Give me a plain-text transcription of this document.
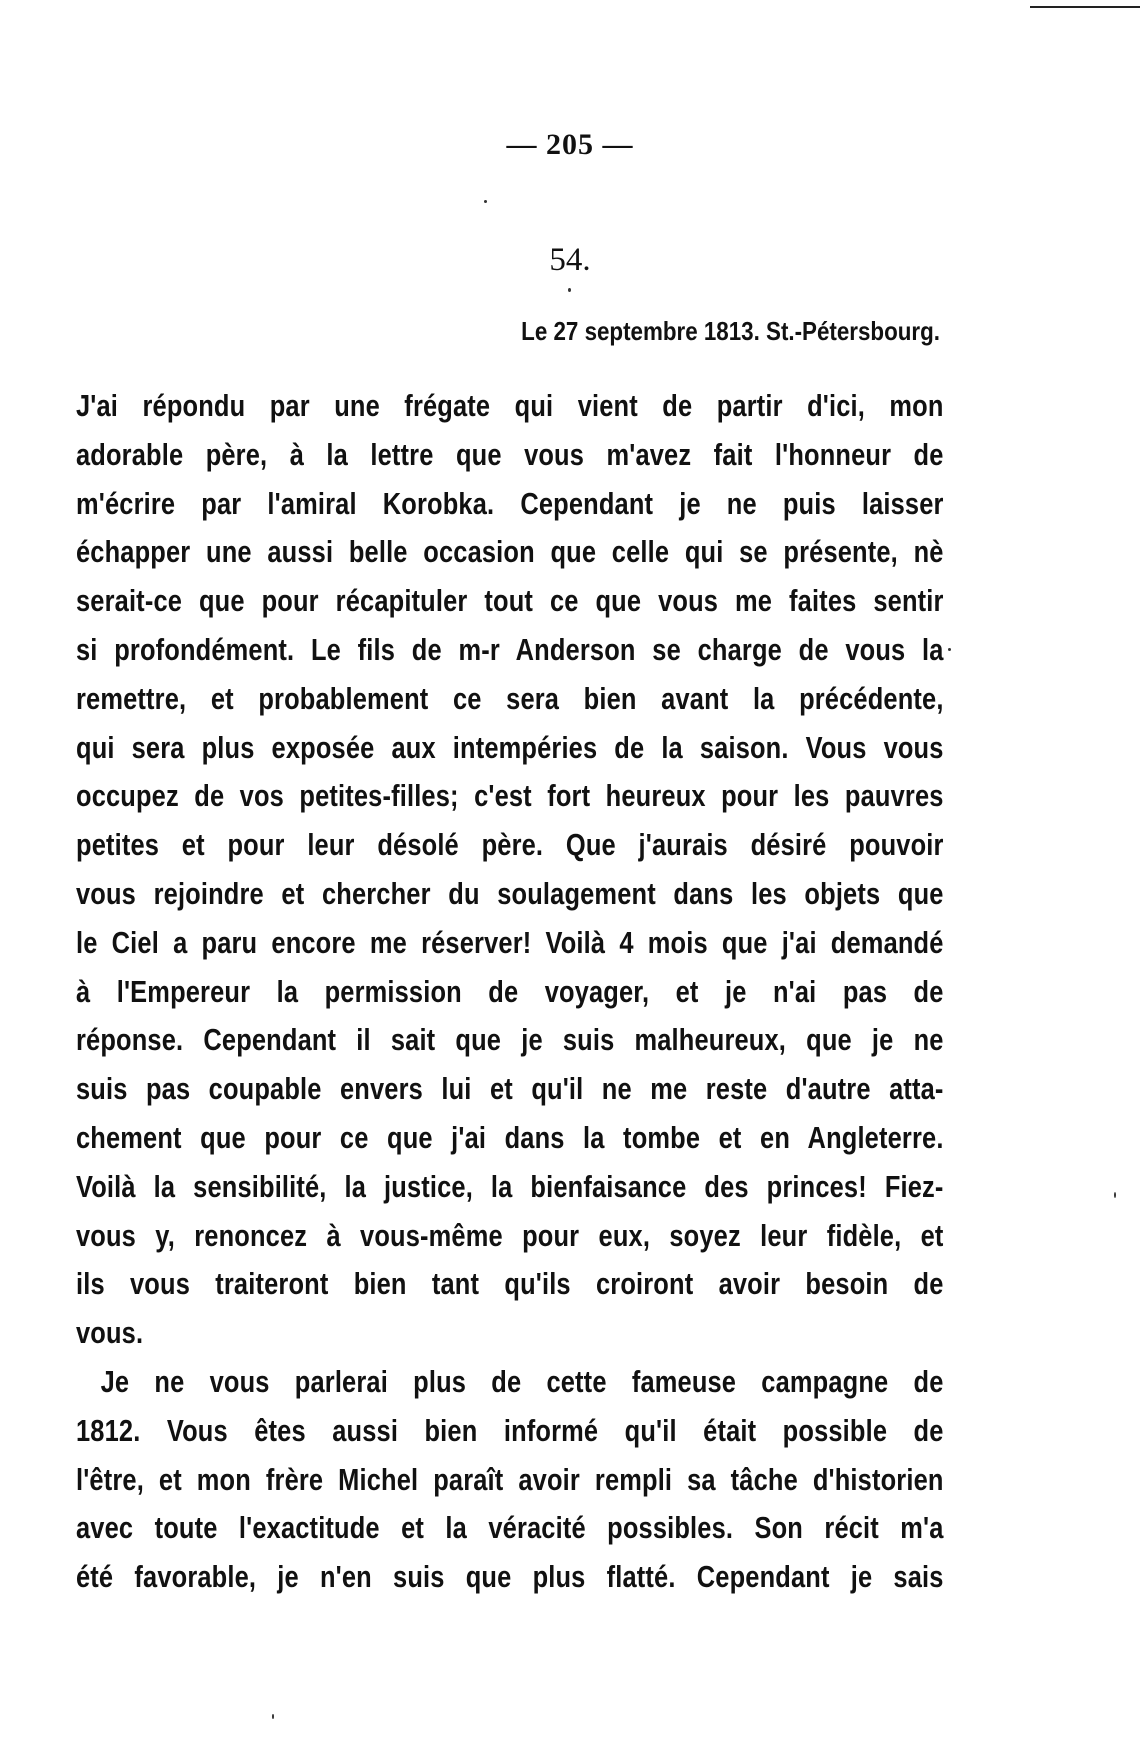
— 205 —
54.
Le 27 septembre 1813. St.-Pétersbourg.
J'ai répondu par une frégate qui vient de partir d'ici, mon
adorable père, à la lettre que vous m'avez fait l'honneur de
m'écrire par l'amiral Korobka. Cependant je ne puis laisser
échapper une aussi belle occasion que celle qui se présente, nè
serait-ce que pour récapituler tout ce que vous me faites sentir
si profondément. Le fils de m-r Anderson se charge de vous la
remettre, et probablement ce sera bien avant la précédente,
qui sera plus exposée aux intempéries de la saison. Vous vous
occupez de vos petites-filles; c'est fort heureux pour les pauvres
petites et pour leur désolé père. Que j'aurais désiré pouvoir
vous rejoindre et chercher du soulagement dans les objets que
le Ciel a paru encore me réserver! Voilà 4 mois que j'ai demandé
à l'Empereur la permission de voyager, et je n'ai pas de
réponse. Cependant il sait que je suis malheureux, que je ne
suis pas coupable envers lui et qu'il ne me reste d'autre atta-
chement que pour ce que j'ai dans la tombe et en Angleterre.
Voilà la sensibilité, la justice, la bienfaisance des princes! Fiez-
vous y, renoncez à vous-même pour eux, soyez leur fidèle, et
ils vous traiteront bien tant qu'ils croiront avoir besoin de
vous.
Je ne vous parlerai plus de cette fameuse campagne de
1812. Vous êtes aussi bien informé qu'il était possible de
l'être, et mon frère Michel paraît avoir rempli sa tâche d'historien
avec toute l'exactitude et la véracité possibles. Son récit m'a
été favorable, je n'en suis que plus flatté. Cependant je sais
